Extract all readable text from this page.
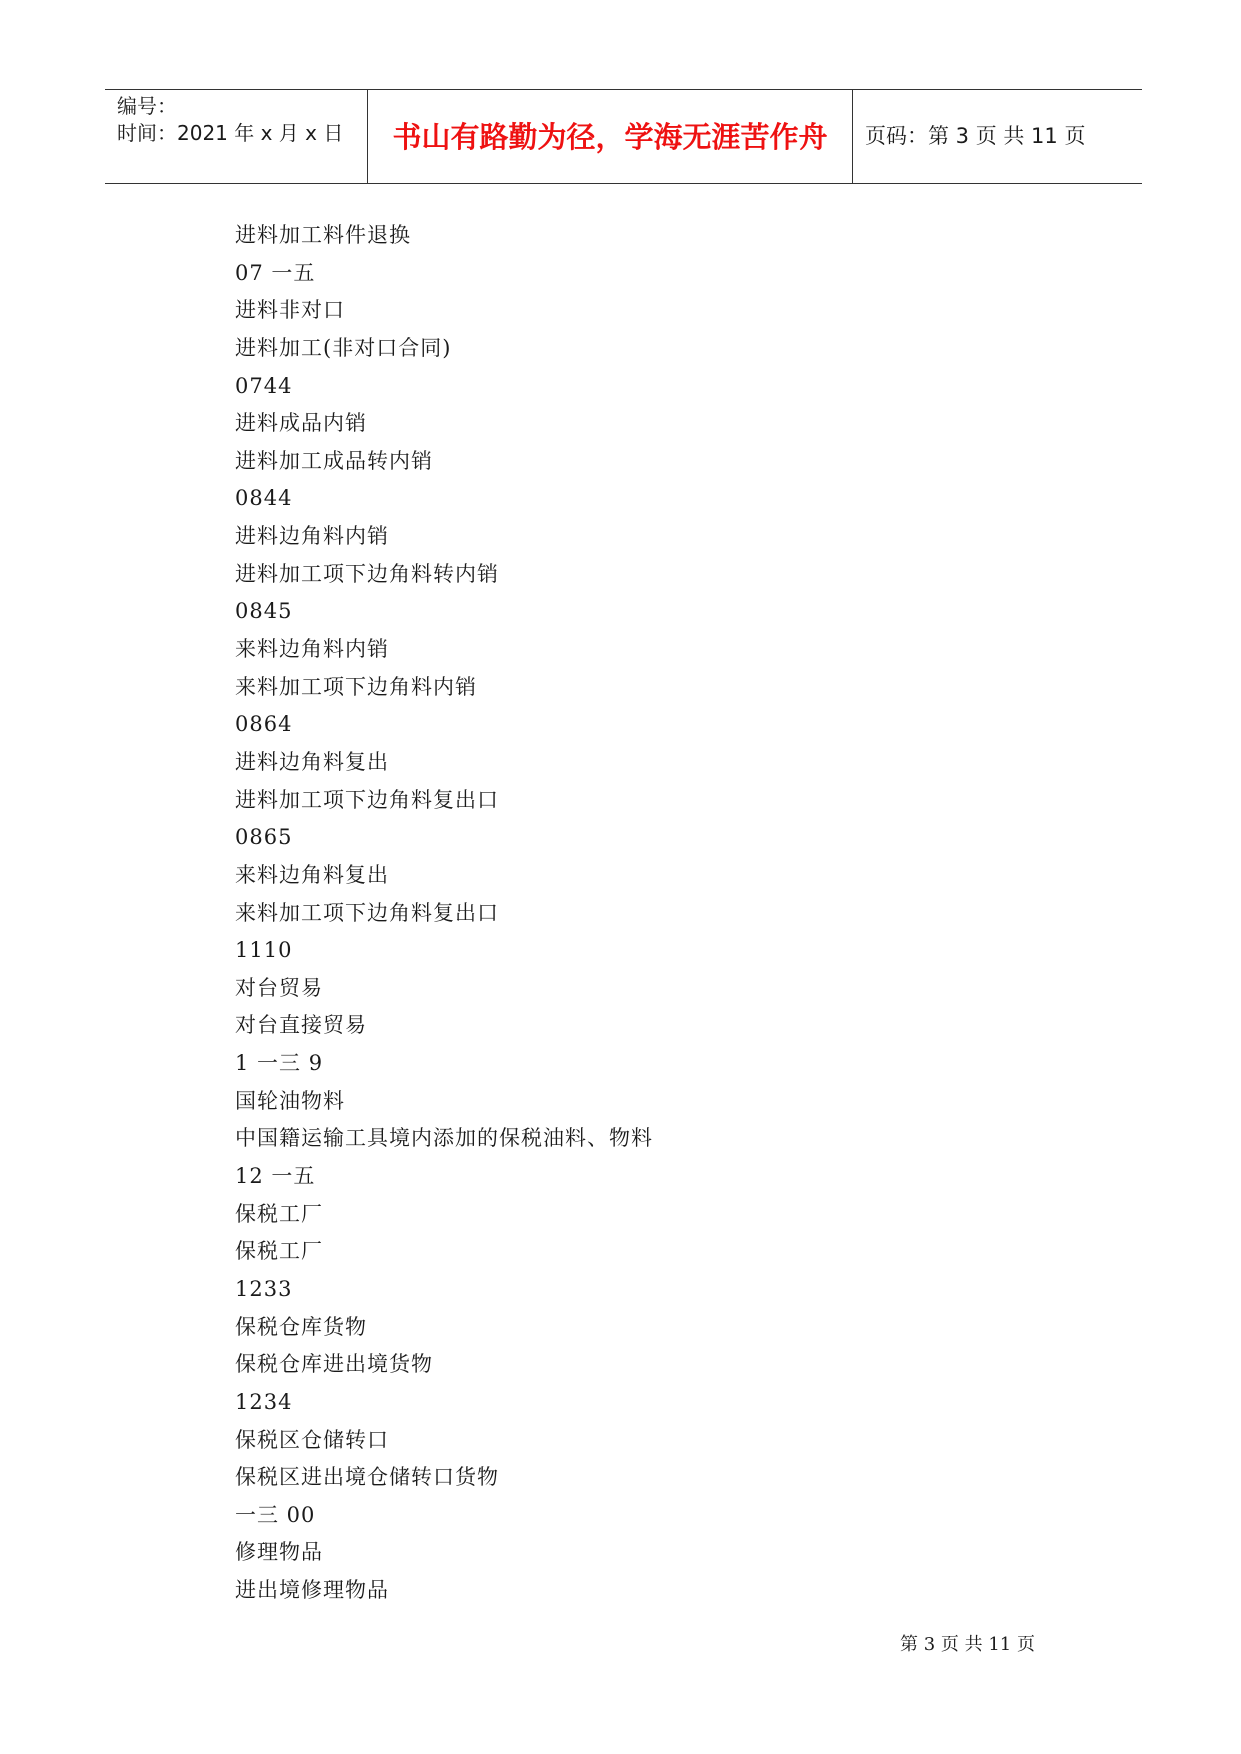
编号：
时间：2021 年 x 月 x 日	书山有路勤为径，学海无涯苦作舟	页码：第 3 页 共 11 页
进料加工料件退换
07 一五
进料非对口
进料加工(非对口合同)
0744
进料成品内销
进料加工成品转内销
0844
进料边角料内销
进料加工项下边角料转内销
0845
来料边角料内销
来料加工项下边角料内销
0864
进料边角料复出
进料加工项下边角料复出口
0865
来料边角料复出
来料加工项下边角料复出口
1110
对台贸易
对台直接贸易
1 一三 9
国轮油物料
中国籍运输工具境内添加的保税油料、物料
12 一五
保税工厂
保税工厂
1233
保税仓库货物
保税仓库进出境货物
1234
保税区仓储转口
保税区进出境仓储转口货物
一三 00
修理物品
进出境修理物品
第 3 页 共 11 页
